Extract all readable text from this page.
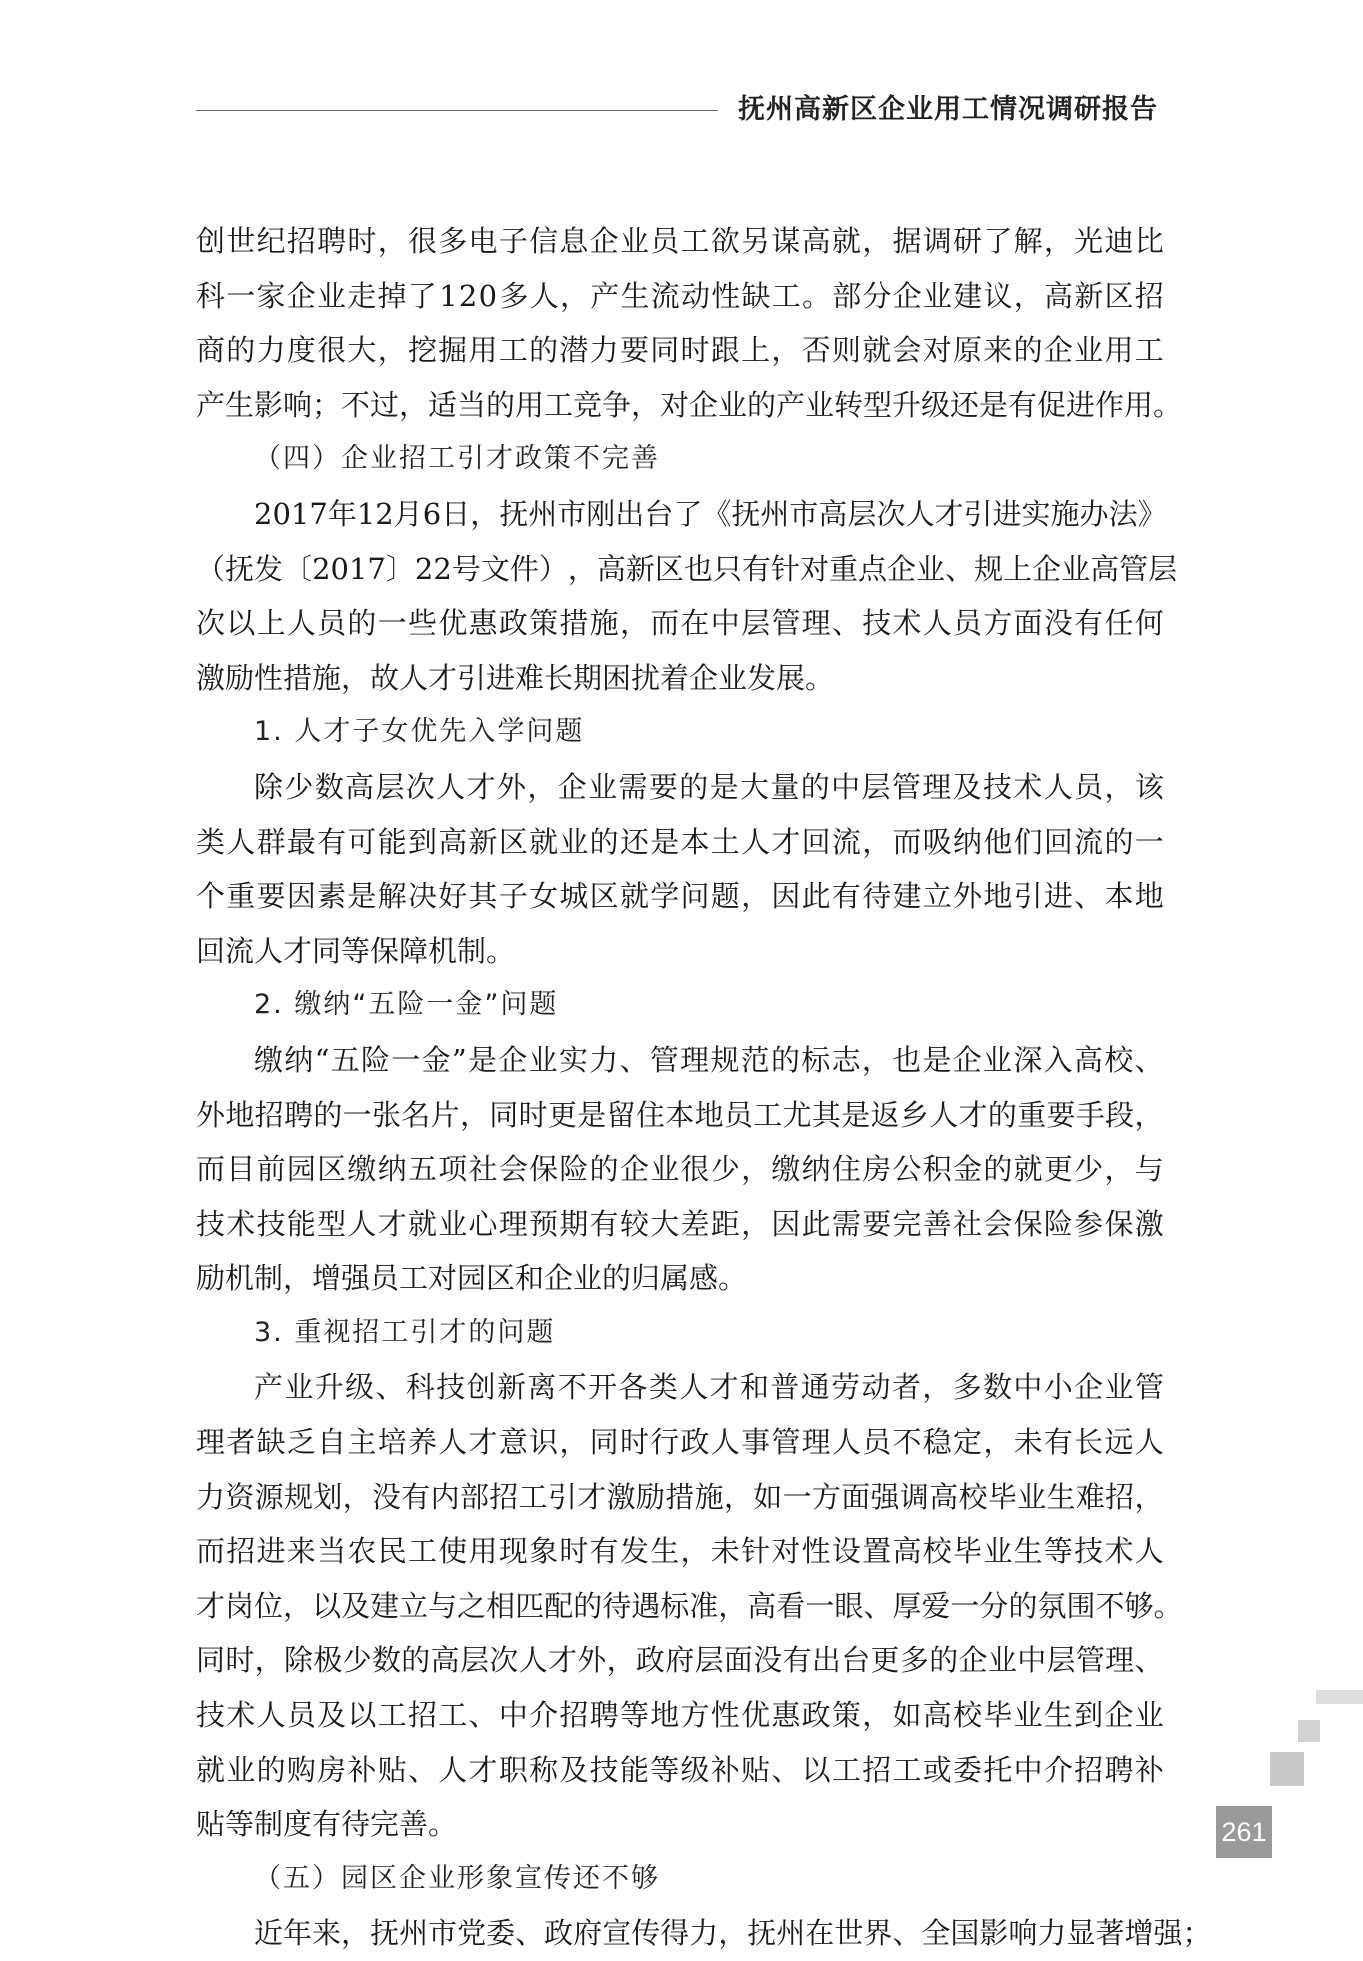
抚州高新区企业用工情况调研报告
创 世 纪 招 聘 时 ， 很 多 电 子 信 息 企 业 员 工 欲 另 谋 高 就 ， 据 调 研 了 解 ， 光 迪 比
科 一 家 企 业 走 掉 了 1 2 0 多 人 ， 产 生 流 动 性 缺 工 。 部 分 企 业 建 议 ， 高 新 区 招
商 的 力 度 很 大 ， 挖 掘 用 工 的 潜 力 要 同 时 跟 上 ， 否 则 就 会 对 原 来 的 企 业 用 工
产生影响；不过，适当的用工竞争，对企业的产业转型升级还是有促进作用。
（四）企业招工引才政策不完善
2 0 1 7 年 1 2 月 6 日 ， 抚 州 市 刚 出 台 了 《 抚 州 市 高 层 次 人 才 引 进 实 施 办 法 》
（ 抚 发 〔 2 0 1 7 〕 2 2 号 文 件 ） ， 高 新 区 也 只 有 针 对 重 点 企 业 、 规 上 企 业 高 管 层
次 以 上 人 员 的 一 些 优 惠 政 策 措 施 ， 而 在 中 层 管 理 、 技 术 人 员 方 面 没 有 任 何
激励性措施，故人才引进难长期困扰着企业发展。
1. 人才子女优先入学问题
除 少 数 高 层 次 人 才 外 ， 企 业 需 要 的 是 大 量 的 中 层 管 理 及 技 术 人 员 ， 该
类 人 群 最 有 可 能 到 高 新 区 就 业 的 还 是 本 土 人 才 回 流 ， 而 吸 纳 他 们 回 流 的 一
个 重 要 因 素 是 解 决 好 其 子 女 城 区 就 学 问 题 ， 因 此 有 待 建 立 外 地 引 进 、 本 地
回流人才同等保障机制。
2. 缴纳“五险一金”问题
缴 纳 “ 五 险 一 金 ” 是 企 业 实 力 、 管 理 规 范 的 标 志 ， 也 是 企 业 深 入 高 校 、
外 地 招 聘 的 一 张 名 片 ， 同 时 更 是 留 住 本 地 员 工 尤 其 是 返 乡 人 才 的 重 要 手 段 ，
而 目 前 园 区 缴 纳 五 项 社 会 保 险 的 企 业 很 少 ， 缴 纳 住 房 公 积 金 的 就 更 少 ， 与
技 术 技 能 型 人 才 就 业 心 理 预 期 有 较 大 差 距 ， 因 此 需 要 完 善 社 会 保 险 参 保 激
励机制，增强员工对园区和企业的归属感。
3. 重视招工引才的问题
产 业 升 级 、 科 技 创 新 离 不 开 各 类 人 才 和 普 通 劳 动 者 ， 多 数 中 小 企 业 管
理 者 缺 乏 自 主 培 养 人 才 意 识 ， 同 时 行 政 人 事 管 理 人 员 不 稳 定 ， 未 有 长 远 人
力 资 源 规 划 ， 没 有 内 部 招 工 引 才 激 励 措 施 ， 如 一 方 面 强 调 高 校 毕 业 生 难 招 ，
而 招 进 来 当 农 民 工 使 用 现 象 时 有 发 生 ， 未 针 对 性 设 置 高 校 毕 业 生 等 技 术 人
才 岗 位 ， 以 及 建 立 与 之 相 匹 配 的 待 遇 标 准 ， 高 看 一 眼 、 厚 爱 一 分 的 氛 围 不 够 。
同 时 ， 除 极 少 数 的 高 层 次 人 才 外 ， 政 府 层 面 没 有 出 台 更 多 的 企 业 中 层 管 理 、
技 术 人 员 及 以 工 招 工 、 中 介 招 聘 等 地 方 性 优 惠 政 策 ， 如 高 校 毕 业 生 到 企 业
就 业 的 购 房 补 贴 、 人 才 职 称 及 技 能 等 级 补 贴 、 以 工 招 工 或 委 托 中 介 招 聘 补
贴等制度有待完善。
（五）园区企业形象宣传还不够
近 年 来 ， 抚 州 市 党 委 、 政 府 宣 传 得 力 ， 抚 州 在 世 界 、 全 国 影 响 力 显 著 增 强 ；
261
